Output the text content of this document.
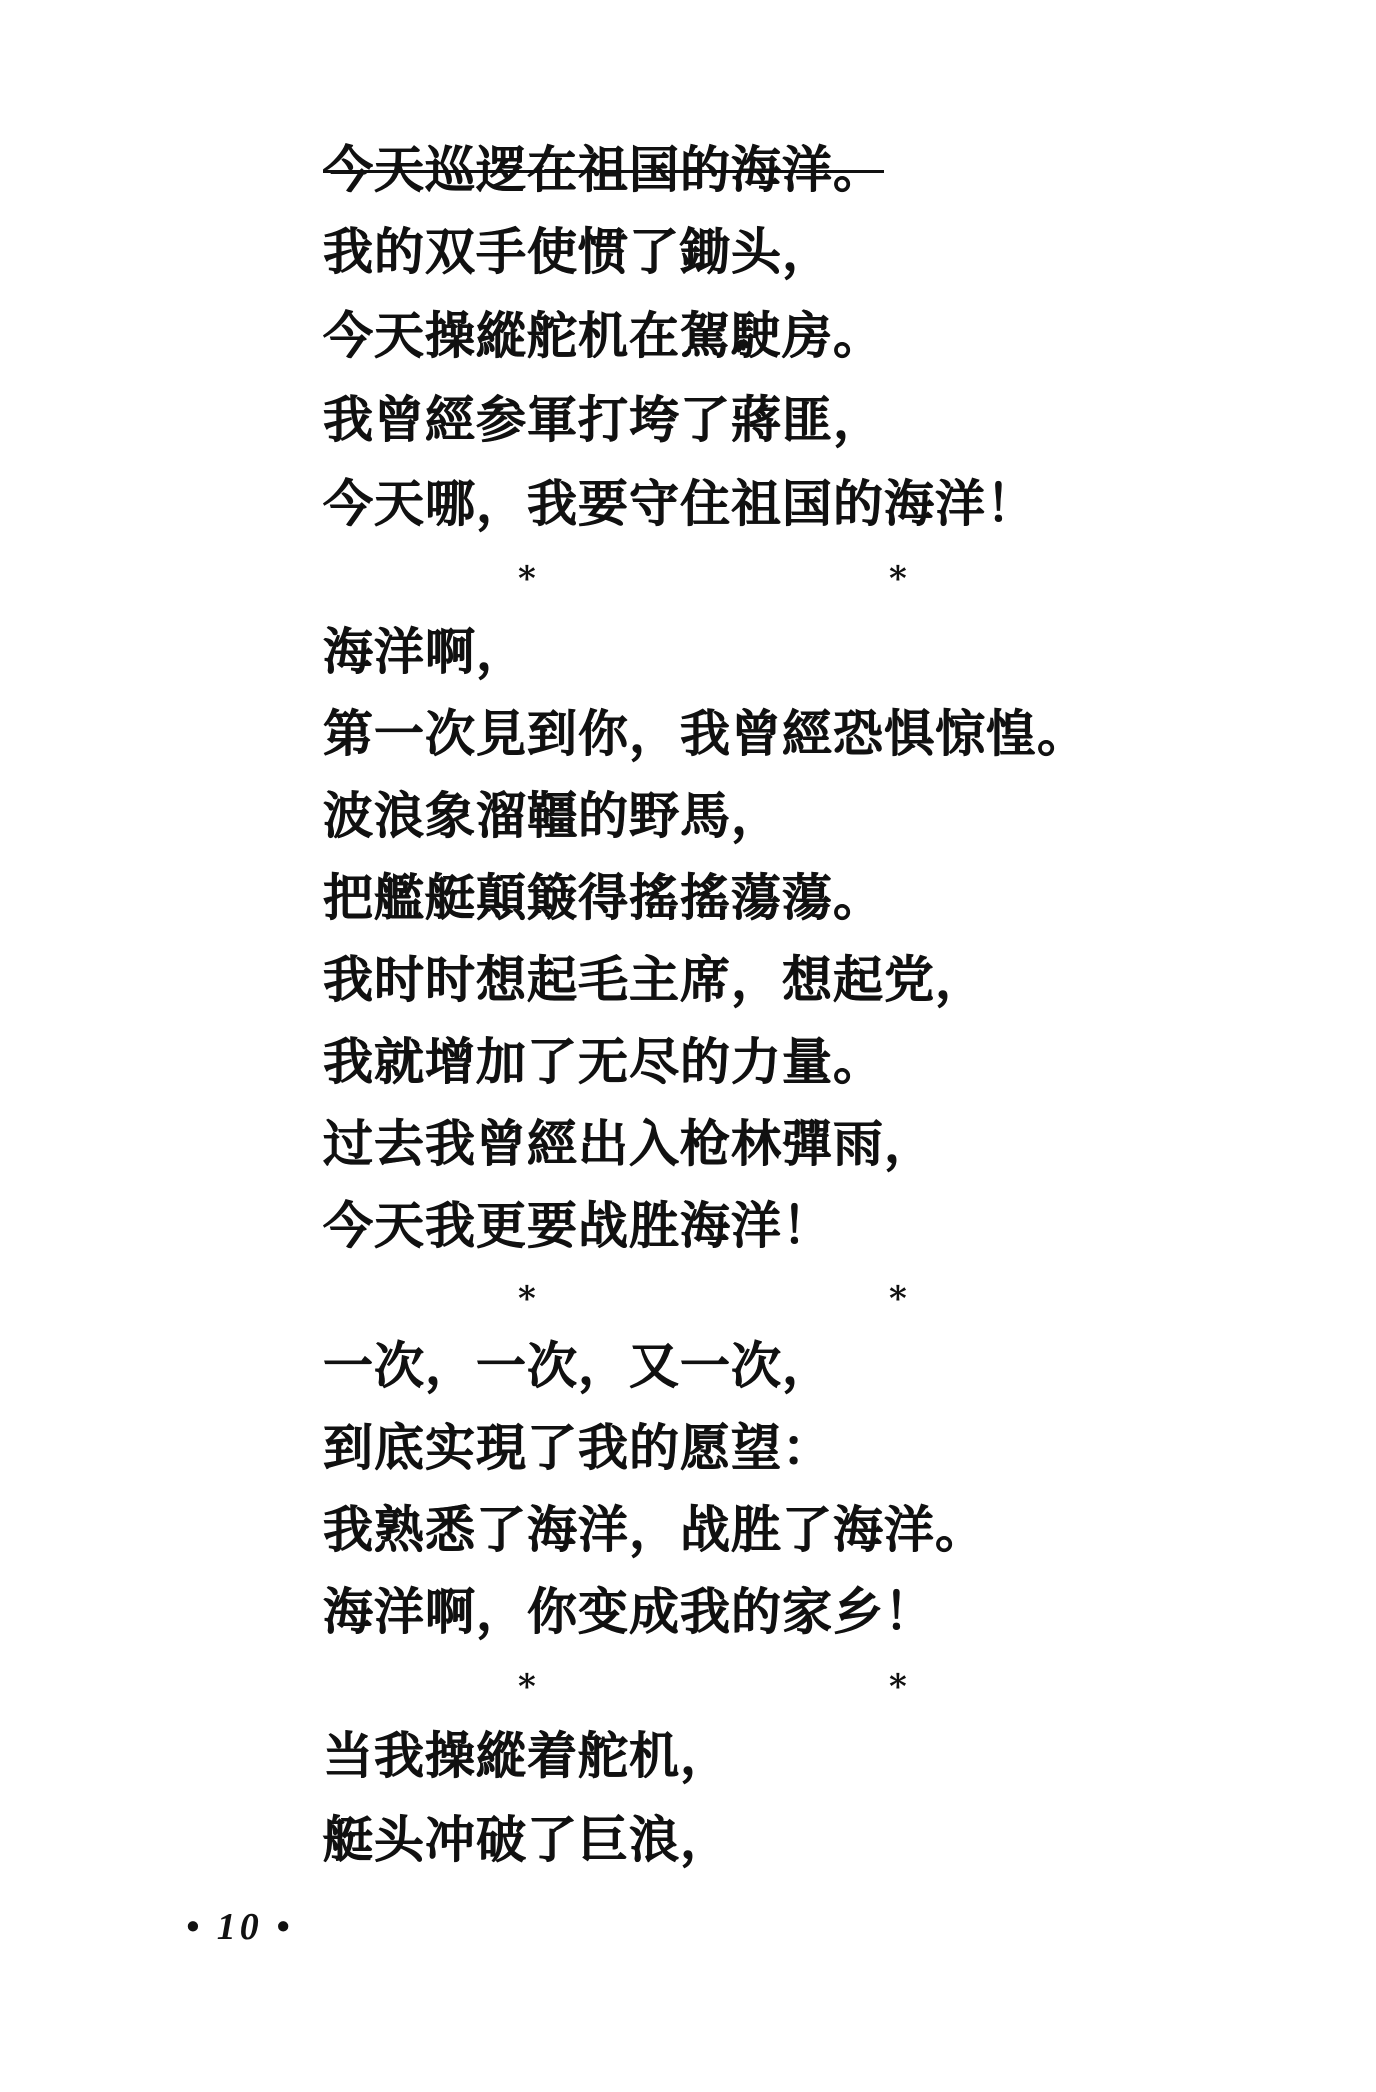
今天巡逻在祖国的海洋。
我的双手使惯了鋤头，
今天操縱舵机在駕駛房。
我曾經参軍打垮了蔣匪，
今天哪，我要守住祖国的海洋！
*	*
海洋啊，
第一次見到你，我曾經恐惧惊惶。
波浪象溜韁的野馬，
把艦艇顛簸得搖搖蕩蕩。
我时时想起毛主席，想起党，
我就增加了无尽的力量。
过去我曾經出入枪林彈雨，
今天我更要战胜海洋！
*	*
一次，一次，又一次，
到底实現了我的愿望：
我熟悉了海洋，战胜了海洋。
海洋啊，你变成我的家乡！
*	*
当我操縱着舵机，
艇头冲破了巨浪，
• 10 •
